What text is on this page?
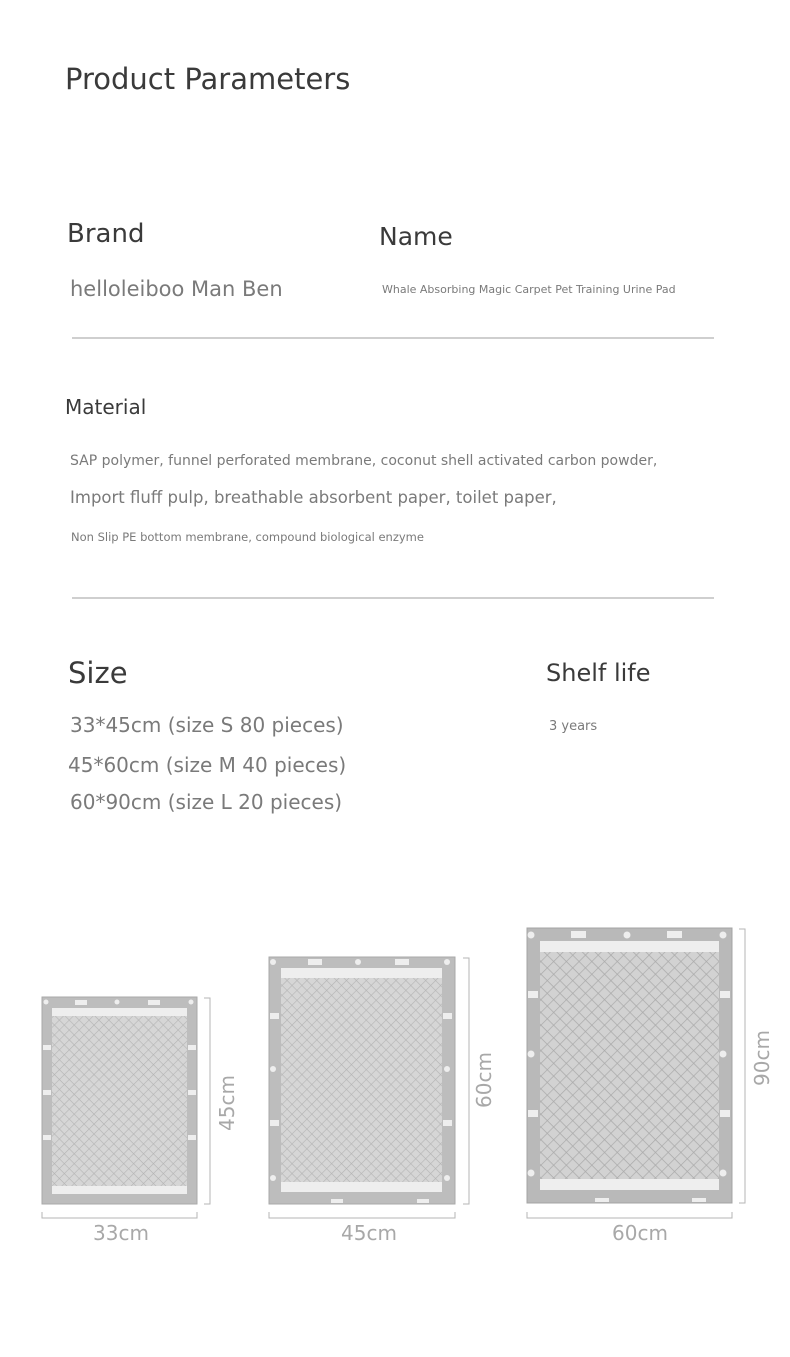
Product Parameters
Brand
helloleiboo Man Ben
Name
Whale Absorbing Magic Carpet Pet Training Urine Pad
Material
SAP polymer, funnel perforated membrane, coconut shell activated carbon powder,
Import fluff pulp, breathable absorbent paper, toilet paper,
Non Slip PE bottom membrane, compound biological enzyme
Size
33*45cm (size S 80 pieces)
45*60cm (size M 40 pieces)
60*90cm (size L 20 pieces)
Shelf life
3 years
33cm
45cm
45cm
60cm
60cm
90cm
